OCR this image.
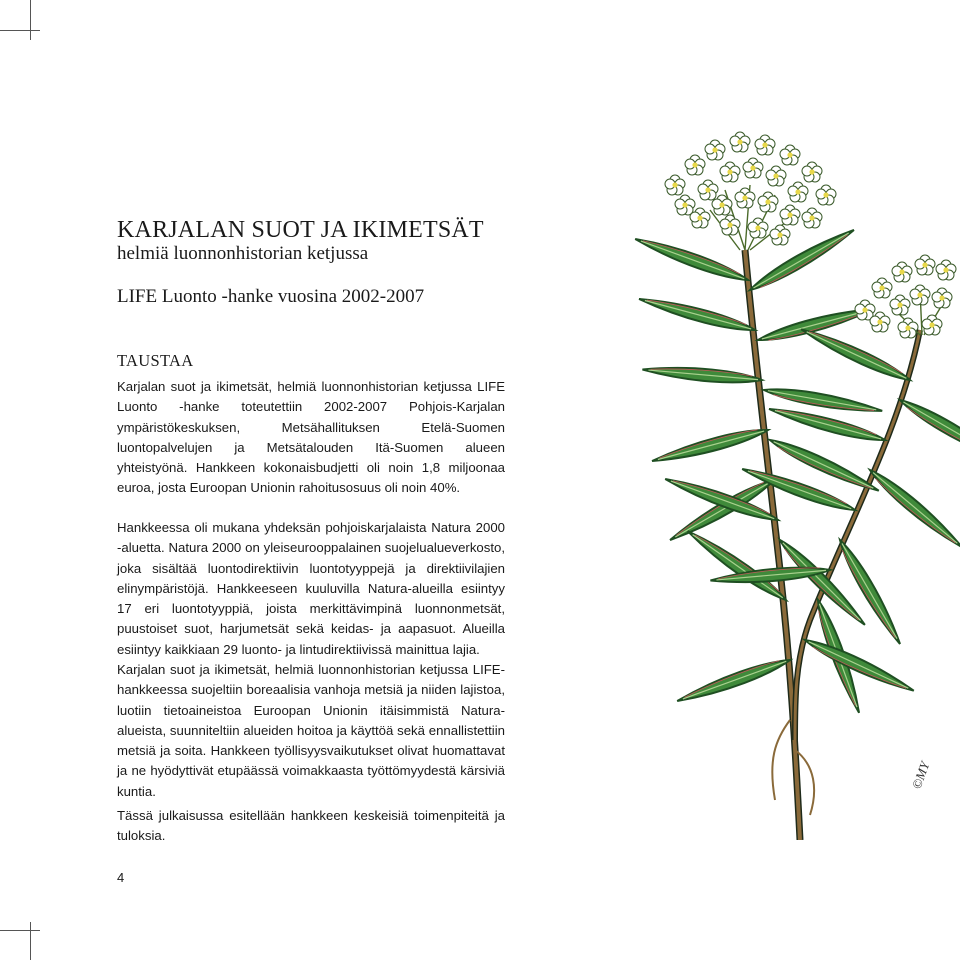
KARJALAN SUOT JA IKIMETSÄT
helmiä luonnonhistorian ketjussa
LIFE Luonto -hanke vuosina 2002-2007
TAUSTAA

Karjalan suot ja ikimetsät, helmiä luonnonhistorian ketjussa LIFE Luonto -hanke toteutettiin 2002-2007 Pohjois-Karjalan ympäristökeskuksen, Metsähallituksen Etelä-Suomen luontopalvelujen ja Metsätalouden Itä-Suomen alueen yhteistyönä. Hankkeen kokonaisbudjetti oli noin 1,8 miljoonaa euroa, josta Euroopan Unionin rahoitusosuus oli noin 40%.

Hankkeessa oli mukana yhdeksän pohjoiskarjalaista Natura 2000 -aluetta. Natura 2000 on yleiseurooppalainen suojelualueverkosto, joka sisältää luontodirektiivin luontotyyppejä ja direktiivilajien elinympäristöjä. Hankkeeseen kuuluvilla Natura-alueilla esiintyy 17 eri luontotyyppiä, joista merkittävimpinä luonnonmetsät, puustoiset suot, harjumetsät sekä keidas- ja aapasuot. Alueilla esiintyy kaikkiaan 29 luonto- ja lintudirektiivissä mainittua lajia.

Karjalan suot ja ikimetsät, helmiä luonnonhistorian ketjussa LIFE-hankkeessa suojeltiin boreaalisia vanhoja metsiä ja niiden lajistoa, luotiin tietoaineistoa Euroopan Unionin itäisimmistä Natura-alueista, suunniteltiin alueiden hoitoa ja käyttöä sekä ennallistettiin metsiä ja soita. Hankkeen työllisyysvaikutukset olivat huomattavat ja ne hyödyttivät etupäässä voimakkaasta työttömyydestä kärsiviä kuntia.

Tässä julkaisussa esitellään hankkeen keskeisiä toimenpiteitä ja tuloksia.

4
©MY
